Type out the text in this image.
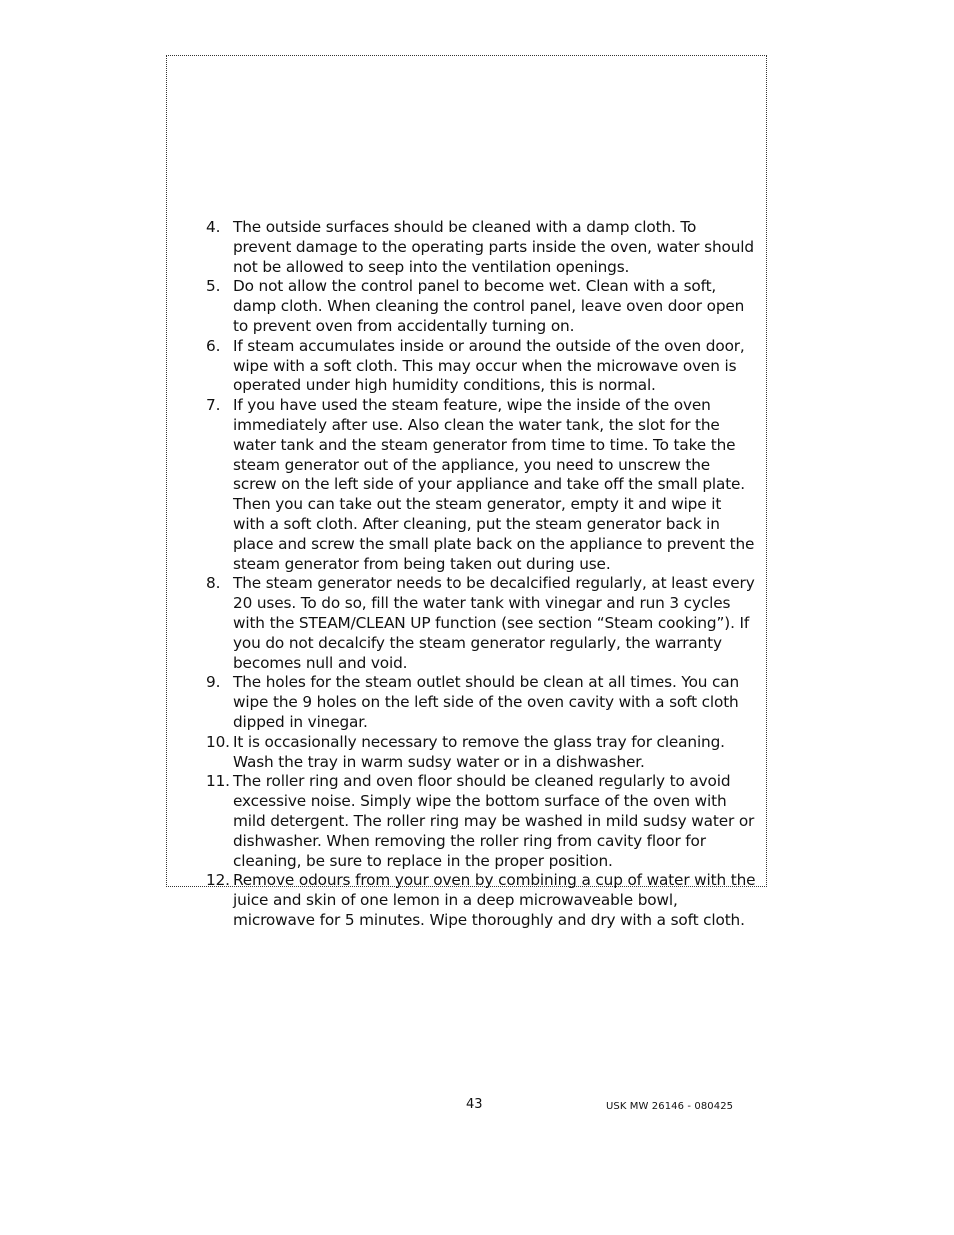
4. The outside surfaces should be cleaned with a damp cloth. To prevent damage to the operating parts inside the oven, water should not be allowed to seep into the ventilation openings.
5. Do not allow the control panel to become wet. Clean with a soft, damp cloth. When cleaning the control panel, leave oven door open to prevent oven from accidentally turning on.
6. If steam accumulates inside or around the outside of the oven door, wipe with a soft cloth. This may occur when the microwave oven is operated under high humidity conditions, this is normal.
7. If you have used the steam feature, wipe the inside of the oven immediately after use. Also clean the water tank, the slot for the water tank and the steam generator from time to time. To take the steam generator out of the appliance, you need to unscrew the screw on the left side of your appliance and take off the small plate. Then you can take out the steam generator, empty it and wipe it with a soft cloth. After cleaning, put the steam generator back in place and screw the small plate back on the appliance to prevent the steam generator from being taken out during use.
8. The steam generator needs to be decalcified regularly, at least every 20 uses. To do so, fill the water tank with vinegar and run 3 cycles with the STEAM/CLEAN UP function (see section “Steam cooking”). If you do not decalcify the steam generator regularly, the warranty becomes null and void.
9. The holes for the steam outlet should be clean at all times. You can wipe the 9 holes on the left side of the oven cavity with a soft cloth dipped in vinegar.
10. It is occasionally necessary to remove the glass tray for cleaning. Wash the tray in warm sudsy water or in a dishwasher.
11. The roller ring and oven floor should be cleaned regularly to avoid excessive noise. Simply wipe the bottom surface of the oven with mild detergent. The roller ring may be washed in mild sudsy water or dishwasher. When removing the roller ring from cavity floor for cleaning, be sure to replace in the proper position.
12. Remove odours from your oven by combining a cup of water with the juice and skin of one lemon in a deep microwaveable bowl, microwave for 5 minutes. Wipe thoroughly and dry with a soft cloth.
43	USK MW 26146 - 080425
